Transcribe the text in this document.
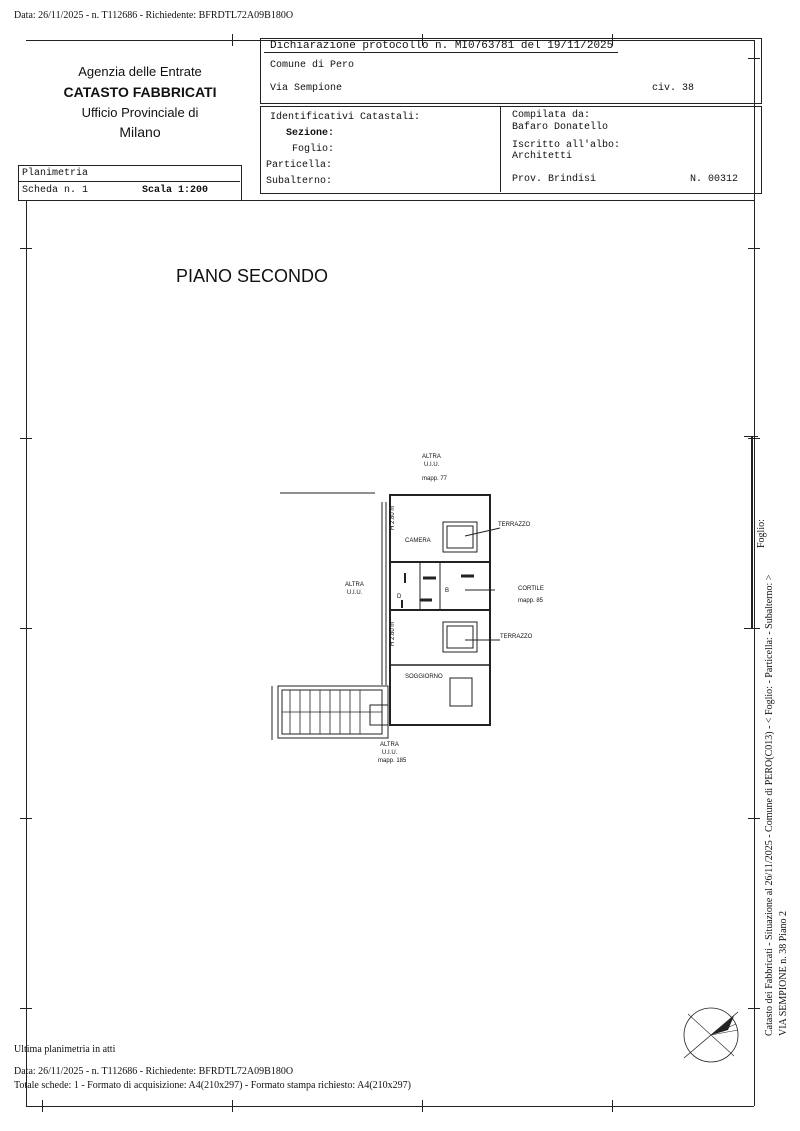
Data: 26/11/2025 - n. T112686 - Richiedente: BFRDTL72A09B180O
Agenzia delle Entrate
CATASTO FABBRICATI
Ufficio Provinciale di
Milano
Dichiarazione protocollo n. MI0763781 del 19/11/2025
Comune di Pero
Via Sempione	civ. 38
Identificativi Catastali:
Sezione:
Foglio:
Particella:
Subalterno:
Compilata da:
Bafaro Donatello
Iscritto all'albo:
Architetti
Prov. Brindisi	N. 00312
Planimetria
Scheda n. 1	Scala 1:200
PIANO SECONDO
ALTRA
U.I.U.
mapp. 77
ALTRA
U.I.U.
CAMERA
TERRAZZO
TERRAZZO
CORTILE
mapp. 85
SOGGIORNO
ALTRA
U.I.U.
mapp. 185
H 2.80 m
H 2.80 m
B
D
Foglio:
Catasto dei Fabbricati - Situazione al 26/11/2025 - Comune di PERO(C013) - < Foglio: - Particella: - Subalterno: > VIA SEMPIONE n. 38 Piano 2
Ultima planimetria in atti
Data: 26/11/2025 - n. T112686 - Richiedente: BFRDTL72A09B180O
Totale schede: 1 - Formato di acquisizione: A4(210x297) - Formato stampa richiesto: A4(210x297)
